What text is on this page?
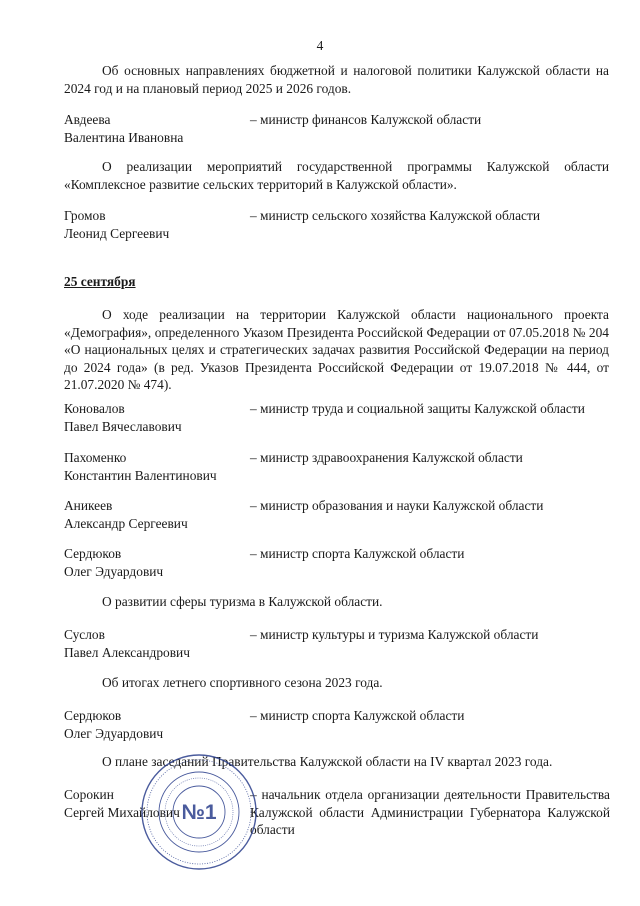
4
Об основных направлениях бюджетной и налоговой политики Калужской области на 2024 год и на плановый период 2025 и 2026 годов.
Авдеева
Валентина Ивановна
– министр финансов Калужской области
О реализации мероприятий государственной программы Калужской области «Комплексное развитие сельских территорий в Калужской области».
Громов
Леонид Сергеевич
– министр сельского хозяйства Калужской области
25 сентября
О ходе реализации на территории Калужской области национального проекта «Демография», определенного Указом Президента Российской Федерации от 07.05.2018 № 204 «О национальных целях и стратегических задачах развития Российской Федерации на период до 2024 года» (в ред. Указов Президента Российской Федерации от 19.07.2018 № 444, от 21.07.2020 № 474).
Коновалов
Павел Вячеславович
– министр труда и социальной защиты Калужской области
Пахоменко
Константин Валентинович
– министр здравоохранения Калужской области
Аникеев
Александр Сергеевич
– министр образования и науки Калужской области
Сердюков
Олег Эдуардович
– министр спорта Калужской области
О развитии сферы туризма в Калужской области.
Суслов
Павел Александрович
– министр культуры и туризма Калужской области
Об итогах летнего спортивного сезона 2023 года.
Сердюков
Олег Эдуардович
– министр спорта Калужской области
О плане заседаний Правительства Калужской области на IV квартал 2023 года.
Сорокин
Сергей Михайлович
– начальник отдела организации деятельности Правительства Калужской области Администрации Губернатора Калужской области
№1
